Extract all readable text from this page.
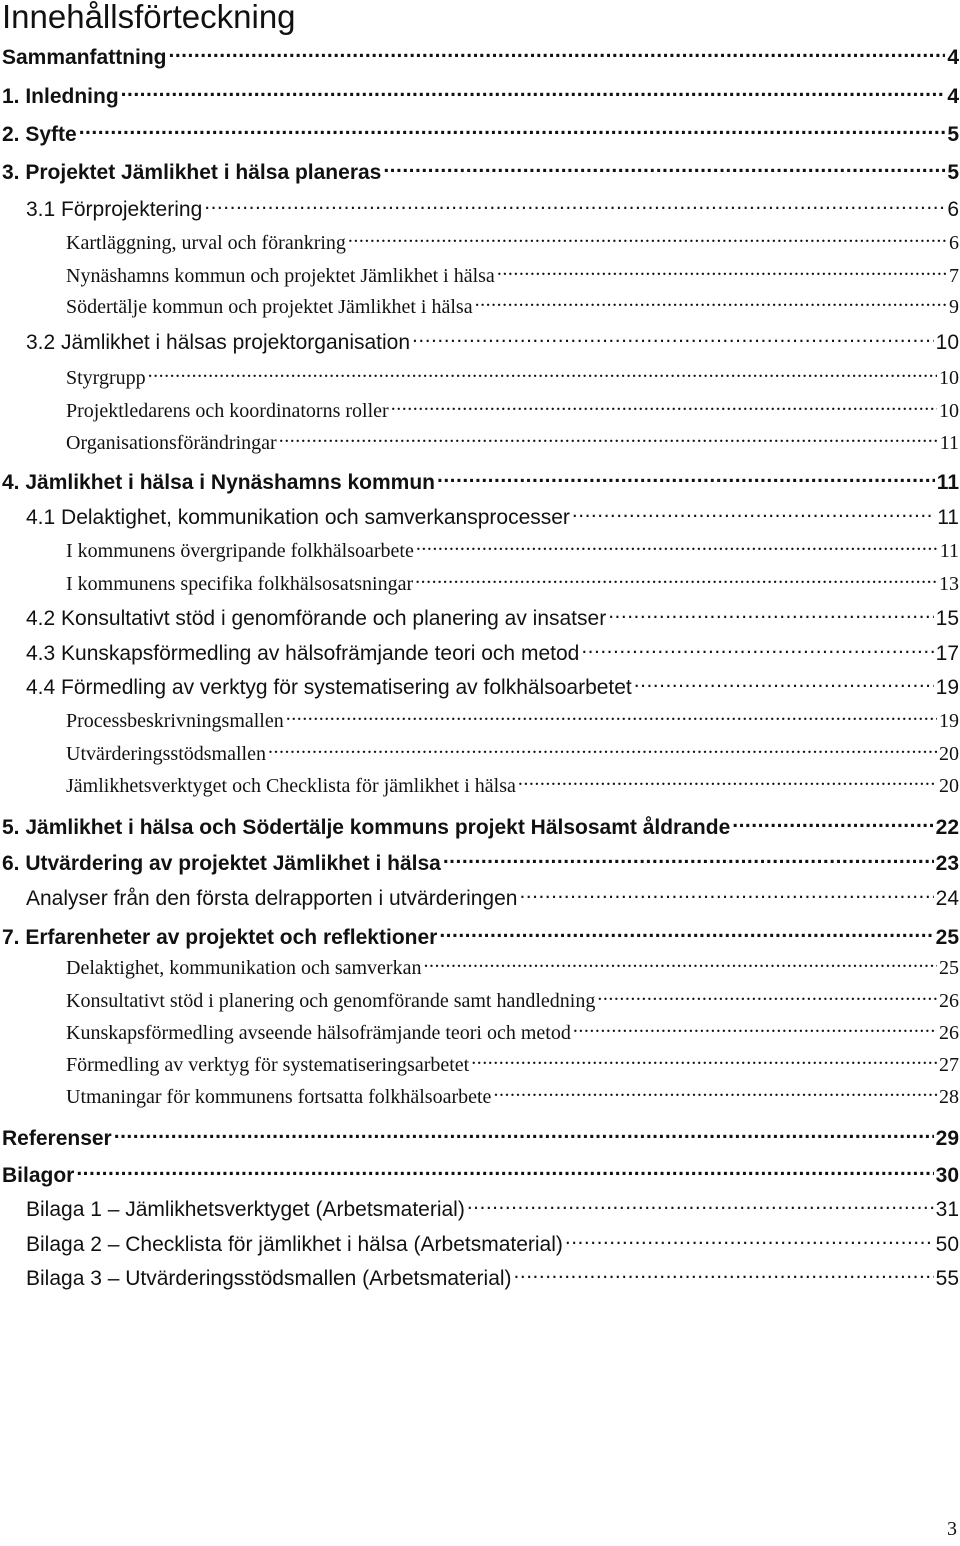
Innehållsförteckning
Sammanfattning .....	4
1. Inledning .....	4
2. Syfte .....	5
3. Projektet Jämlikhet i hälsa planeras .....	5
3.1 Förprojektering .....	6
Kartläggning, urval och förankring .....	6
Nynäshamns kommun och projektet Jämlikhet i hälsa .....	7
Södertälje kommun och projektet Jämlikhet i hälsa .....	9
3.2 Jämlikhet i hälsas projektorganisation .....	10
Styrgrupp .....	10
Projektledarens och koordinatorns roller .....	10
Organisationsförändringar .....	11
4. Jämlikhet i hälsa i Nynäshamns kommun .....	11
4.1 Delaktighet, kommunikation och samverkansprocesser .....	11
I kommunens övergripande folkhälsoarbete .....	11
I kommunens specifika folkhälsosatsningar .....	13
4.2 Konsultativt stöd i genomförande och planering av insatser .....	15
4.3 Kunskapsförmedling av hälsofrämjande teori och metod .....	17
4.4 Förmedling av verktyg för systematisering av folkhälsoarbetet .....	19
Processbeskrivningsmallen .....	19
Utvärderingsstödsmallen .....	20
Jämlikhetsverktyget och Checklista för jämlikhet i hälsa .....	20
5. Jämlikhet i hälsa och Södertälje kommuns projekt Hälsosamt åldrande .....	22
6. Utvärdering av projektet Jämlikhet i hälsa .....	23
Analyser från den första delrapporten i utvärderingen .....	24
7. Erfarenheter av projektet och reflektioner .....	25
Delaktighet, kommunikation och samverkan .....	25
Konsultativt stöd i planering och genomförande samt handledning .....	26
Kunskapsförmedling avseende hälsofrämjande teori och metod .....	26
Förmedling av verktyg för systematiseringsarbetet .....	27
Utmaningar för kommunens fortsatta folkhälsoarbete .....	28
Referenser .....	29
Bilagor .....	30
Bilaga 1 – Jämlikhetsverktyget (Arbetsmaterial) .....	31
Bilaga 2 – Checklista för jämlikhet i hälsa (Arbetsmaterial) .....	50
Bilaga 3 – Utvärderingsstödsmallen (Arbetsmaterial) .....	55
3
